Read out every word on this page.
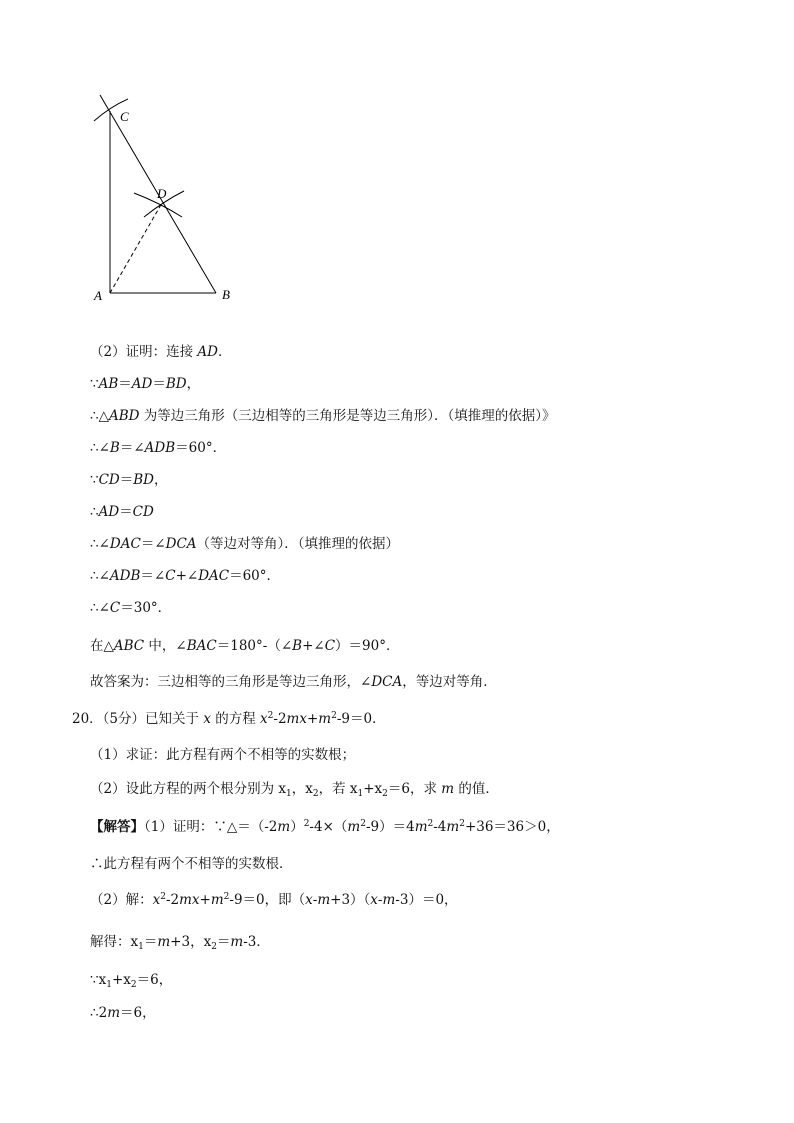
C
D
A	B
（2）证明：连接 AD．
∵AB＝AD＝BD，
∴△ABD 为等边三角形（三边相等的三角形是等边三角形）．（填推理的依据）》
∴∠B＝∠ADB＝60°．
∵CD＝BD，
∴AD＝CD
∴∠DAC＝∠DCA（等边对等角）．（填推理的依据）
∴∠ADB＝∠C+∠DAC＝60°．
∴∠C＝30°．
在△ABC 中，∠BAC＝180°-（∠B+∠C）＝90°．
故答案为：三边相等的三角形是等边三角形，∠DCA，等边对等角．
20．（5分）已知关于 x 的方程 $x^2-2mx+m^2-9=0$．
（1）求证：此方程有两个不相等的实数根；
（2）设此方程的两个根分别为 $x_1$，$x_2$，若 $x_1+x_2=6$，求 m 的值．
【解答】（1）证明：$\because\triangle=(-2m)^2-4\times(m^2-9)=4m^2-4m^2+36=36>0$，
∴此方程有两个不相等的实数根．
（2）解：$x^2-2mx+m^2-9=0$，即（x-m+3）（x-m-3）＝0，
解得：$x_1=m+3$，$x_2=m-3$．
$\because x_1+x_2=6$，
∴2m＝6，
